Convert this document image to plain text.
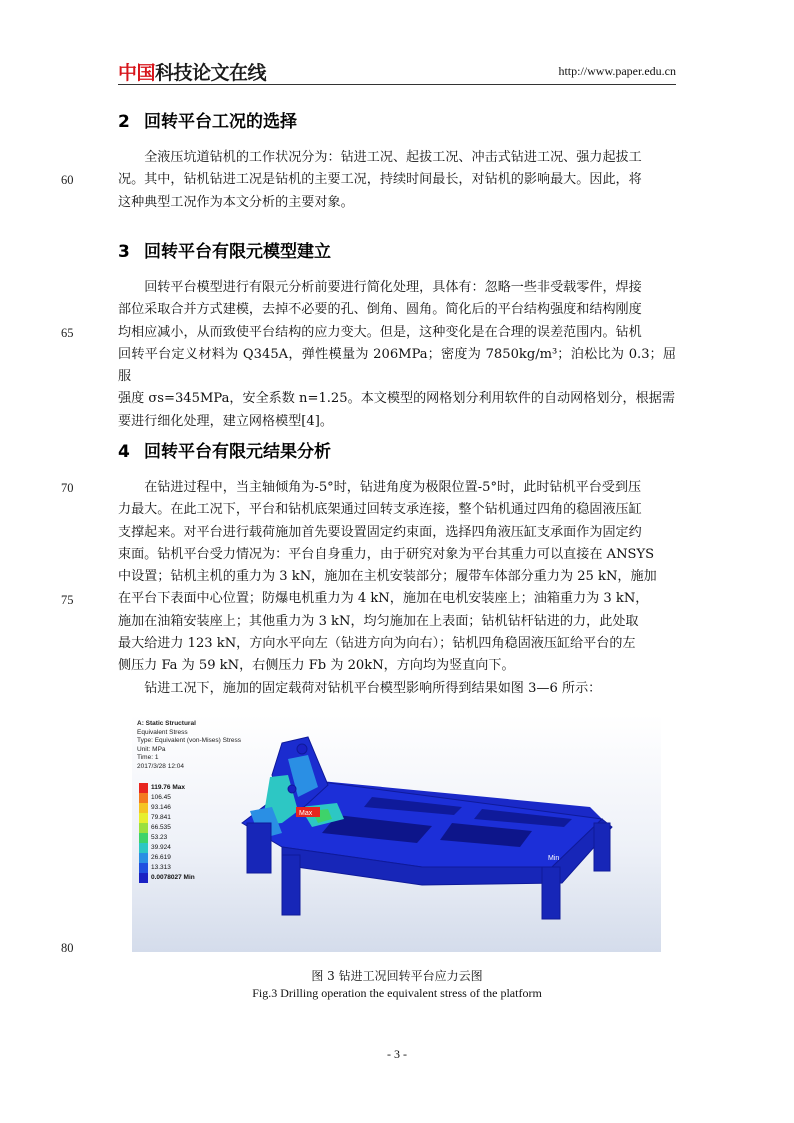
中国 科技论文在线	http://www.paper.edu.cn
2 回转平台工况的选择

全液压坑道钻机的工作状况分为：钻进工况、起拔工况、冲击式钻进工况、强力起拔工

况。其中，钻机钻进工况是钻机的主要工况，持续时间最长，对钻机的影响最大。因此，将

这种典型工况作为本文分析的主要对象。

3 回转平台有限元模型建立

回转平台模型进行有限元分析前要进行简化处理，具体有：忽略一些非受载零件，焊接

部位采取合并方式建模，去掉不必要的孔、倒角、圆角。简化后的平台结构强度和结构刚度

均相应减小，从而致使平台结构的应力变大。但是，这种变化是在合理的误差范围内。钻机

回转平台定义材料为 Q345A，弹性模量为 206MPa；密度为 7850kg/m³；泊松比为 0.3；屈服

强度 σs=345MPa，安全系数 n=1.25。本文模型的网格划分利用软件的自动网格划分，根据需

要进行细化处理，建立网格模型[4]。

4 回转平台有限元结果分析

在钻进过程中，当主轴倾角为-5°时，钻进角度为极限位置-5°时，此时钻机平台受到压

力最大。在此工况下，平台和钻机底架通过回转支承连接，整个钻机通过四角的稳固液压缸

支撑起来。对平台进行载荷施加首先要设置固定约束面，选择四角液压缸支承面作为固定约

束面。钻机平台受力情况为：平台自身重力，由于研究对象为平台其重力可以直接在 ANSYS

中设置；钻机主机的重力为 3 kN，施加在主机安装部分；履带车体部分重力为 25 kN，施加

在平台下表面中心位置；防爆电机重力为 4 kN，施加在电机安装座上；油箱重力为 3 kN，

施加在油箱安装座上；其他重力为 3 kN，均匀施加在上表面；钻机钻杆钻进的力，此处取

最大给进力 123 kN，方向水平向左（钻进方向为向右）；钻机四角稳固液压缸给平台的左

侧压力 Fa 为 59 kN，右侧压力 Fb 为 20kN，方向均为竖直向下。

钻进工况下，施加的固定载荷对钻机平台模型影响所得到结果如图 3—6 所示：

60
65
70
75
80
Max
Min
A: Static Structural
Equivalent Stress
Type: Equivalent (von-Mises) Stress
Unit: MPa
Time: 1
2017/3/28 12:04
119.76 Max
106.45
93.146
79.841
66.535
53.23
39.924
26.619
13.313
0.0078027 Min
图 3 钻进工况回转平台应力云图
Fig.3 Drilling operation the equivalent stress of the platform
- 3 -
